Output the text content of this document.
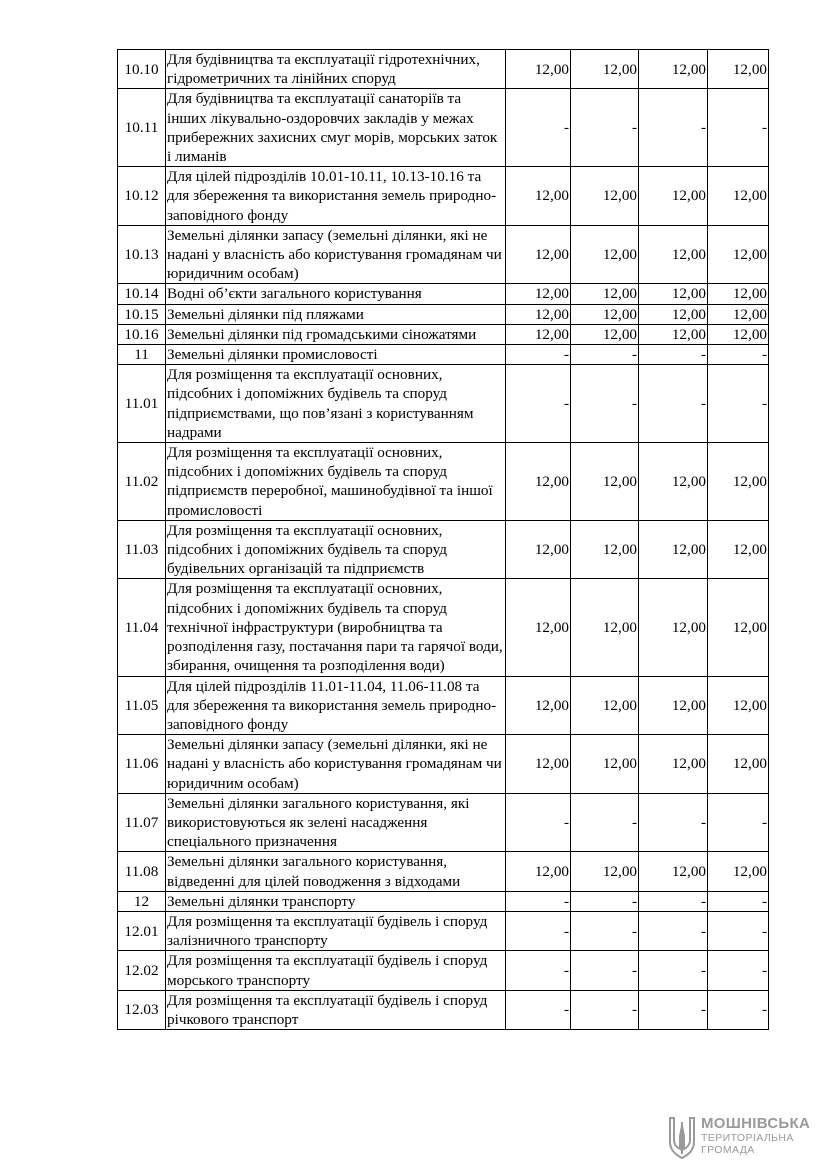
10.10	Для будівництва та експлуатації гідротехнічних, гідрометричних та лінійних споруд	12,00	12,00	12,00	12,00
10.11	Для будівництва та експлуатації санаторіїв та інших лікувально-оздоровчих закладів у межах прибережних захисних смуг морів, морських заток і лиманів	-	-	-	-
10.12	Для цілей підрозділів 10.01-10.11, 10.13-10.16 та для збереження та використання земель природно-заповідного фонду	12,00	12,00	12,00	12,00
10.13	Земельні ділянки запасу (земельні ділянки, які не надані у власність або користування громадянам чи юридичним особам)	12,00	12,00	12,00	12,00
10.14	Водні об’єкти загального користування	12,00	12,00	12,00	12,00
10.15	Земельні ділянки під пляжами	12,00	12,00	12,00	12,00
10.16	Земельні ділянки під громадськими сіножатями	12,00	12,00	12,00	12,00
11	Земельні ділянки промисловості	-	-	-	-
11.01	Для розміщення та експлуатації основних, підсобних і допоміжних будівель та споруд підприємствами, що пов’язані з користуванням надрами	-	-	-	-
11.02	Для розміщення та експлуатації основних, підсобних і допоміжних будівель та споруд підприємств переробної, машинобудівної та іншої промисловості	12,00	12,00	12,00	12,00
11.03	Для розміщення та експлуатації основних, підсобних і допоміжних будівель та споруд будівельних організацій та підприємств	12,00	12,00	12,00	12,00
11.04	Для розміщення та експлуатації основних, підсобних і допоміжних будівель та споруд технічної інфраструктури (виробництва та розподілення газу, постачання пари та гарячої води, збирання, очищення та розподілення води)	12,00	12,00	12,00	12,00
11.05	Для цілей підрозділів 11.01-11.04, 11.06-11.08 та для збереження та використання земель природно-заповідного фонду	12,00	12,00	12,00	12,00
11.06	Земельні ділянки запасу (земельні ділянки, які не надані у власність або користування громадянам чи юридичним особам)	12,00	12,00	12,00	12,00
11.07	Земельні ділянки загального користування, які використовуються як зелені насадження спеціального призначення	-	-	-	-
11.08	Земельні ділянки загального користування, відведенні для цілей поводження з відходами	12,00	12,00	12,00	12,00
12	Земельні ділянки транспорту	-	-	-	-
12.01	Для розміщення та експлуатації будівель і споруд залізничного транспорту	-	-	-	-
12.02	Для розміщення та експлуатації будівель і споруд морського транспорту	-	-	-	-
12.03	Для розміщення та експлуатації будівель і споруд річкового транспорт	-	-	-	-
МОШНІВСЬКА
ТЕРИТОРІАЛЬНА
ГРОМАДА
